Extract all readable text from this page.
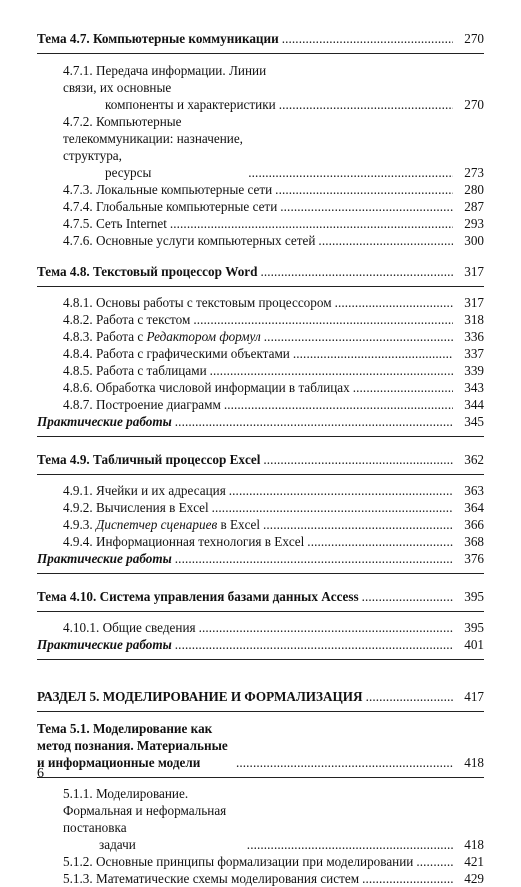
Тема 4.7. Компьютерные коммуникации . . .	270
4.7.1. Передача информации. Линии связи, их основные
компоненты и характеристики . . .	270
4.7.2. Компьютерные телекоммуникации: назначение, структура,
ресурсы . . .	273
4.7.3. Локальные компьютерные сети . . .	280
4.7.4. Глобальные компьютерные сети . . .	287
4.7.5. Сеть Internet . . .	293
4.7.6. Основные услуги компьютерных сетей . . .	300
Тема 4.8. Текстовый процессор Word . . .	317
4.8.1. Основы работы с текстовым процессором . . .	317
4.8.2. Работа с текстом . . .	318
4.8.3. Работа с Редактором формул . . .	336
4.8.4. Работа с графическими объектами . . .	337
4.8.5. Работа с таблицами . . .	339
4.8.6. Обработка числовой информации в таблицах . . .	343
4.8.7. Построение диаграмм . . .	344
Практические работы . . .	345
Тема 4.9. Табличный процессор Excel . . .	362
4.9.1. Ячейки и их адресация . . .	363
4.9.2. Вычисления в Excel . . .	364
4.9.3. Диспетчер сценариев в Excel . . .	366
4.9.4. Информационная технология в Excel . . .	368
Практические работы . . .	376
Тема 4.10. Система управления базами данных Access . . .	395
4.10.1. Общие сведения . . .	395
Практические работы . . .	401
РАЗДЕЛ 5. МОДЕЛИРОВАНИЕ И ФОРМАЛИЗАЦИЯ . . .	417
Тема 5.1. Моделирование как метод познания. Материальные
и информационные модели . . .	418
5.1.1. Моделирование. Формальная и неформальная постановка
задачи . . .	418
5.1.2. Основные принципы формализации при моделировании . . .	421
5.1.3. Математические схемы моделирования систем . . .	429
6
